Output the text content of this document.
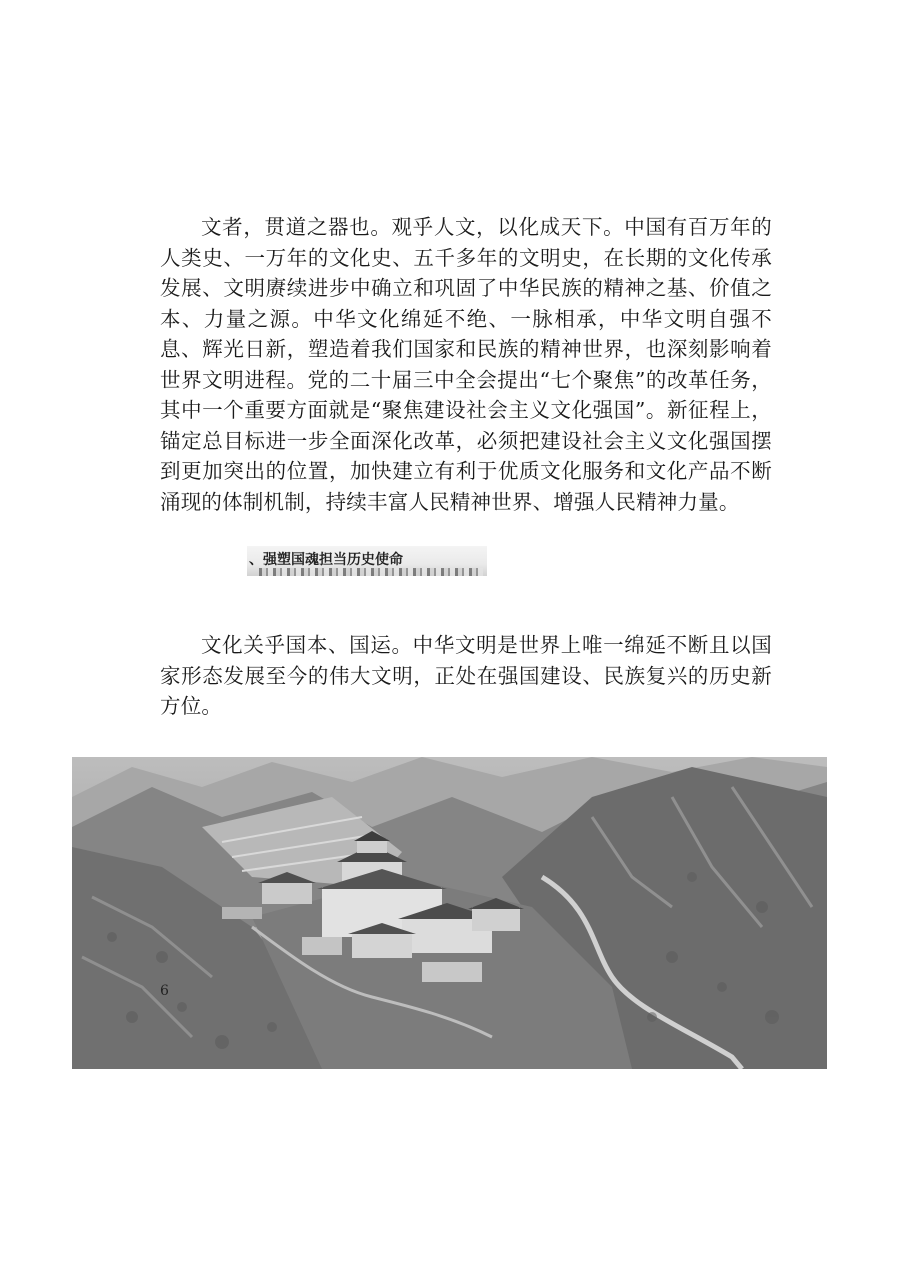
文者，贯道之器也。观乎人文，以化成天下。中国有百万年的人类史、一万年的文化史、五千多年的文明史，在长期的文化传承发展、文明赓续进步中确立和巩固了中华民族的精神之基、价值之本、力量之源。中华文化绵延不绝、一脉相承，中华文明自强不息、辉光日新，塑造着我们国家和民族的精神世界，也深刻影响着世界文明进程。党的二十届三中全会提出“七个聚焦”的改革任务，其中一个重要方面就是“聚焦建设社会主义文化强国”。新征程上，锚定总目标进一步全面深化改革，必须把建设社会主义文化强国摆到更加突出的位置，加快建立有利于优质文化服务和文化产品不断涌现的体制机制，持续丰富人民精神世界、增强人民精神力量。

、强塑国魂担当历史使命

文化关乎国本、国运。中华文明是世界上唯一绵延不断且以国家形态发展至今的伟大文明，正处在强国建设、民族复兴的历史新方位。

6
